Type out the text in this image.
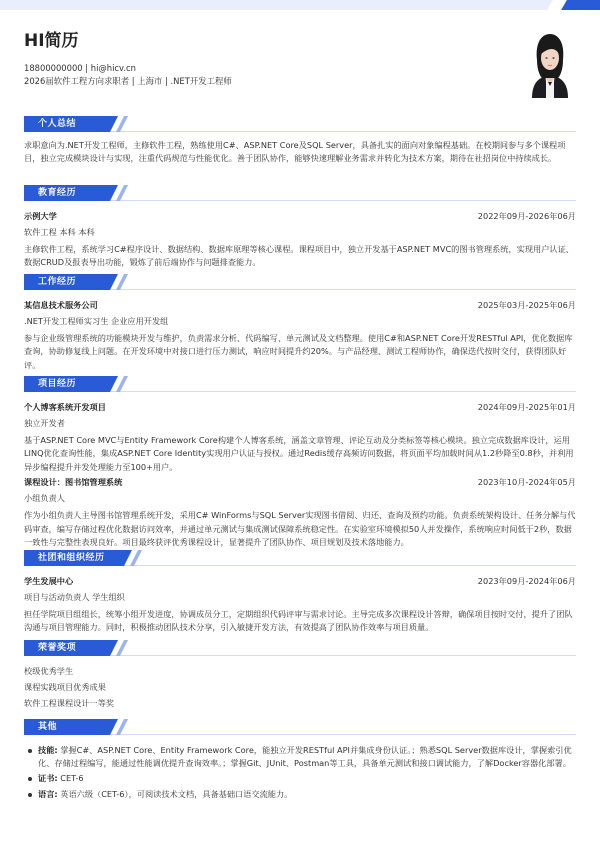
HI简历
18800000000 | hi@hicv.cn
2026届软件工程方向求职者 | 上海市 | .NET开发工程师
个人总结
求职意向为.NET开发工程师，主修软件工程，熟练使用C#、ASP.NET Core及SQL Server，具备扎实的面向对象编程基础。在校期间参与多个课程项目，独立完成模块设计与实现，注重代码规范与性能优化。善于团队协作，能够快速理解业务需求并转化为技术方案，期待在社招岗位中持续成长。
教育经历
示例大学	2022年09月-2026年06月
软件工程 本科 本科
主修软件工程，系统学习C#程序设计、数据结构、数据库原理等核心课程。课程项目中，独立开发基于ASP.NET MVC的图书管理系统，实现用户认证、数据CRUD及报表导出功能，锻炼了前后端协作与问题排查能力。
工作经历
某信息技术服务公司	2025年03月-2025年06月
.NET开发工程师实习生 企业应用开发组
参与企业级管理系统的功能模块开发与维护，负责需求分析、代码编写、单元测试及文档整理。使用C#和ASP.NET Core开发RESTful API，优化数据库查询，协助修复线上问题。在开发环境中对接口进行压力测试，响应时间提升约20%。与产品经理、测试工程师协作，确保迭代按时交付，获得团队好评。
项目经历
个人博客系统开发项目	2024年09月-2025年01月
独立开发者
基于ASP.NET Core MVC与Entity Framework Core构建个人博客系统，涵盖文章管理、评论互动及分类标签等核心模块。独立完成数据库设计，运用LINQ优化查询性能，集成ASP.NET Core Identity实现用户认证与授权。通过Redis缓存高频访问数据，将页面平均加载时间从1.2秒降至0.8秒，并利用异步编程提升并发处理能力至100+用户。
课程设计：图书馆管理系统	2023年10月-2024年05月
小组负责人
作为小组负责人主导图书馆管理系统开发，采用C# WinForms与SQL Server实现图书借阅、归还、查询及预约功能。负责系统架构设计、任务分解与代码审查，编写存储过程优化数据访问效率，并通过单元测试与集成测试保障系统稳定性。在实验室环境模拟50人并发操作，系统响应时间低于2秒，数据一致性与完整性表现良好。项目最终获评优秀课程设计，显著提升了团队协作、项目规划及技术落地能力。
社团和组织经历
学生发展中心	2023年09月-2024年06月
项目与活动负责人 学生组织
担任学院项目组组长，统筹小组开发进度，协调成员分工，定期组织代码评审与需求讨论。主导完成多次课程设计答辩，确保项目按时交付，提升了团队沟通与项目管理能力。同时，积极推动团队技术分享，引入敏捷开发方法，有效提高了团队协作效率与项目质量。
荣誉奖项
校级优秀学生
课程实践项目优秀成果
软件工程课程设计一等奖
其他
技能: 掌握C#、ASP.NET Core、Entity Framework Core，能独立开发RESTful API并集成身份认证。；熟悉SQL Server数据库设计，掌握索引优化、存储过程编写，能通过性能调优提升查询效率。；掌握Git、JUnit、Postman等工具，具备单元测试和接口调试能力，了解Docker容器化部署。
证书: CET-6
语言: 英语六级（CET-6），可阅读技术文档，具备基础口语交流能力。
